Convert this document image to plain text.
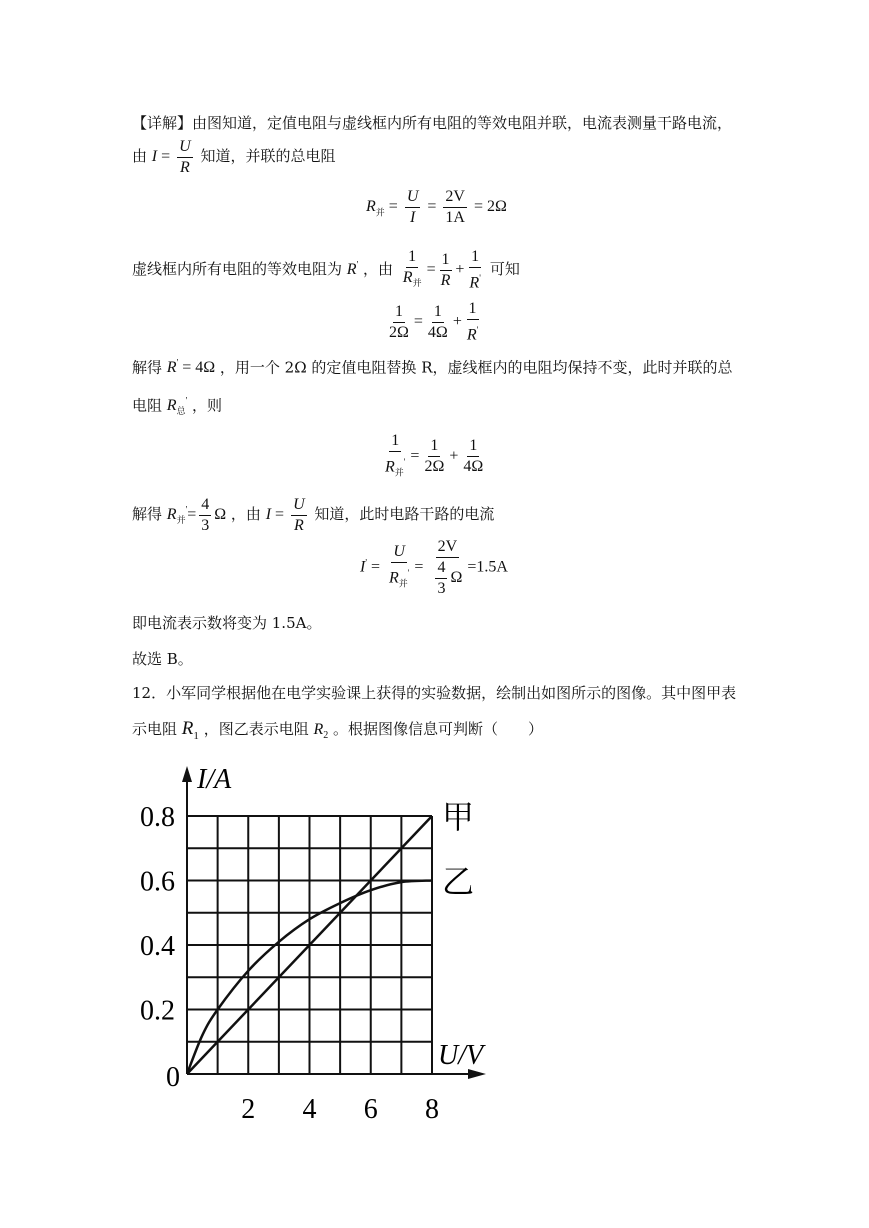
【详解】由图知道，定值电阻与虚线框内所有电阻的等效电阻并联，电流表测量干路电流，
由 $I = \frac{U}{R}$ 知道，并联的总电阻
$R_并 = \frac{U}{I} = \frac{2V}{1A} = 2\Omega$
虚线框内所有电阻的等效电阻为 R' ，由 $\frac{1}{R_并} = \frac{1}{R} + \frac{1}{R'}$ 可知
$\frac{1}{2\Omega} = \frac{1}{4\Omega} + \frac{1}{R'}$
解得 R' = 4Ω ，用一个 2Ω 的定值电阻替换 R，虚线框内的电阻均保持不变，此时并联的总
电阻 $R_总'$ ，则
$\frac{1}{R_并'} = \frac{1}{2\Omega} + \frac{1}{4\Omega}$
解得 $R_并'= \frac{4}{3}$ Ω ，由 $I = \frac{U}{R}$ 知道，此时电路干路的电流
$I' = \frac{U}{R_并'} = \frac{2V}{\frac{4}{3} \Omega} =1.5A$
即电流表示数将变为 1.5A。
故选 B。
12．小军同学根据他在电学实验课上获得的实验数据，绘制出如图所示的图像。其中图甲表
示电阻 $R_1$ ，图乙表示电阻 $R_2$ 。根据图像信息可判断（　　）
I/A
U/V
0.2
0.4
0.6
0.8
2 4 6 8
0
甲
乙
